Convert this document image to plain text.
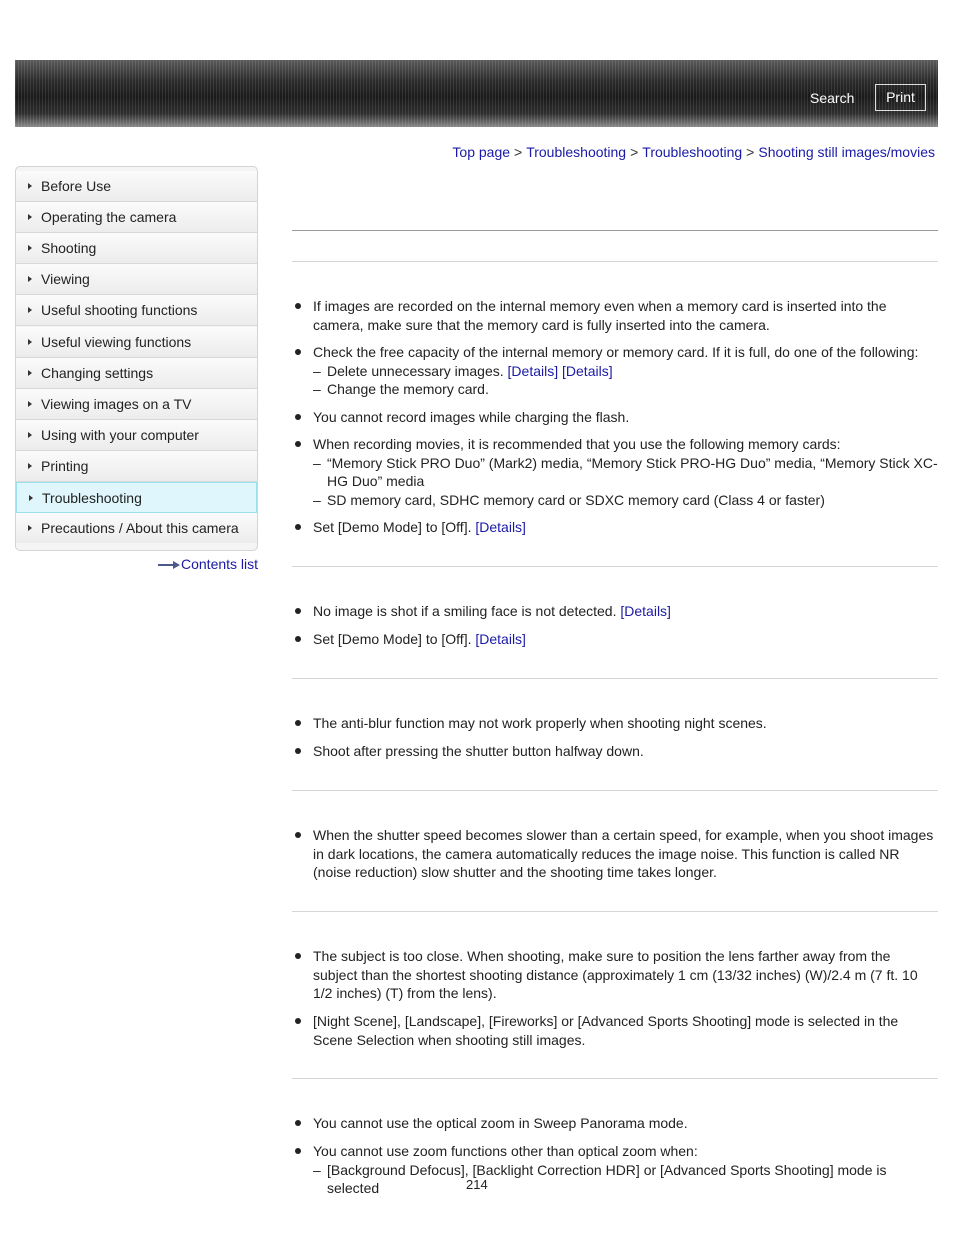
Search	Print
Top page > Troubleshooting > Troubleshooting > Shooting still images/movies
Before Use
Operating the camera
Shooting
Viewing
Useful shooting functions
Useful viewing functions
Changing settings
Viewing images on a TV
Using with your computer
Printing
Troubleshooting
Precautions / About this camera
Contents list
If images are recorded on the internal memory even when a memory card is inserted into the camera, make sure that the memory card is fully inserted into the camera.
Check the free capacity of the internal memory or memory card. If it is full, do one of the following:
– Delete unnecessary images. [Details] [Details]
– Change the memory card.
You cannot record images while charging the flash.
When recording movies, it is recommended that you use the following memory cards:
– “Memory Stick PRO Duo” (Mark2) media, “Memory Stick PRO-HG Duo” media, “Memory Stick XC-HG Duo” media
– SD memory card, SDHC memory card or SDXC memory card (Class 4 or faster)
Set [Demo Mode] to [Off]. [Details]
No image is shot if a smiling face is not detected. [Details]
Set [Demo Mode] to [Off]. [Details]
The anti-blur function may not work properly when shooting night scenes.
Shoot after pressing the shutter button halfway down.
When the shutter speed becomes slower than a certain speed, for example, when you shoot images in dark locations, the camera automatically reduces the image noise. This function is called NR (noise reduction) slow shutter and the shooting time takes longer.
The subject is too close. When shooting, make sure to position the lens farther away from the subject than the shortest shooting distance (approximately 1 cm (13/32 inches) (W)/2.4 m (7 ft. 10 1/2 inches) (T) from the lens).
[Night Scene], [Landscape], [Fireworks] or [Advanced Sports Shooting] mode is selected in the Scene Selection when shooting still images.
You cannot use the optical zoom in Sweep Panorama mode.
You cannot use zoom functions other than optical zoom when:
– [Background Defocus], [Backlight Correction HDR] or [Advanced Sports Shooting] mode is selected	214
